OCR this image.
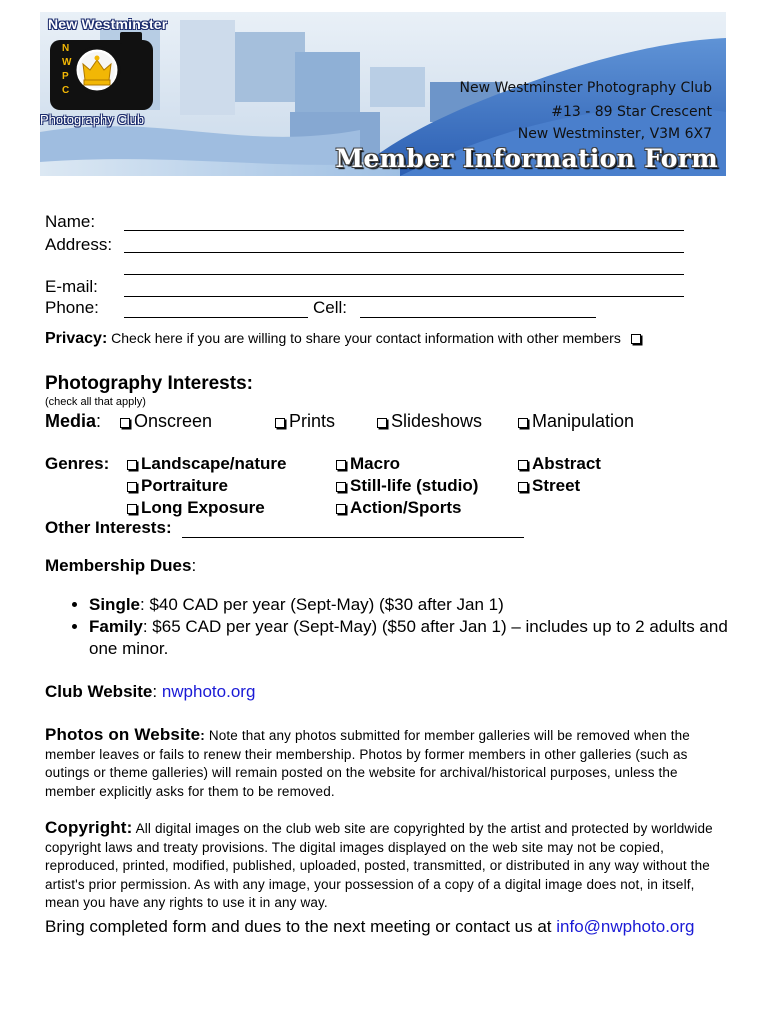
New Westminster
N
W
P
C
Photography Club
New Westminster Photography Club
#13 - 89 Star Crescent
New Westminster, V3M 6X7
Member Information Form
Name:
Address:
E-mail:
Phone:	Cell:
Privacy: Check here if you are willing to share your contact information with other members
Photography Interests:
(check all that apply)
Media:	Onscreen	Prints	Slideshows	Manipulation
Genres:	Landscape/nature	Macro	Abstract
Portraiture	Still-life (studio)	Street
Long Exposure	Action/Sports
Other Interests:
Membership Dues:
• Single: $40 CAD per year (Sept-May) ($30 after Jan 1)
• Family: $65 CAD per year (Sept-May) ($50 after Jan 1) – includes up to 2 adults and one minor.
Club Website: nwphoto.org
Photos on Website: Note that any photos submitted for member galleries will be removed when the member leaves or fails to renew their membership. Photos by former members in other galleries (such as outings or theme galleries) will remain posted on the website for archival/historical purposes, unless the member explicitly asks for them to be removed.
Copyright: All digital images on the club web site are copyrighted by the artist and protected by worldwide copyright laws and treaty provisions. The digital images displayed on the web site may not be copied, reproduced, printed, modified, published, uploaded, posted, transmitted, or distributed in any way without the artist's prior permission. As with any image, your possession of a copy of a digital image does not, in itself, mean you have any rights to use it in any way.
Bring completed form and dues to the next meeting or contact us at info@nwphoto.org
